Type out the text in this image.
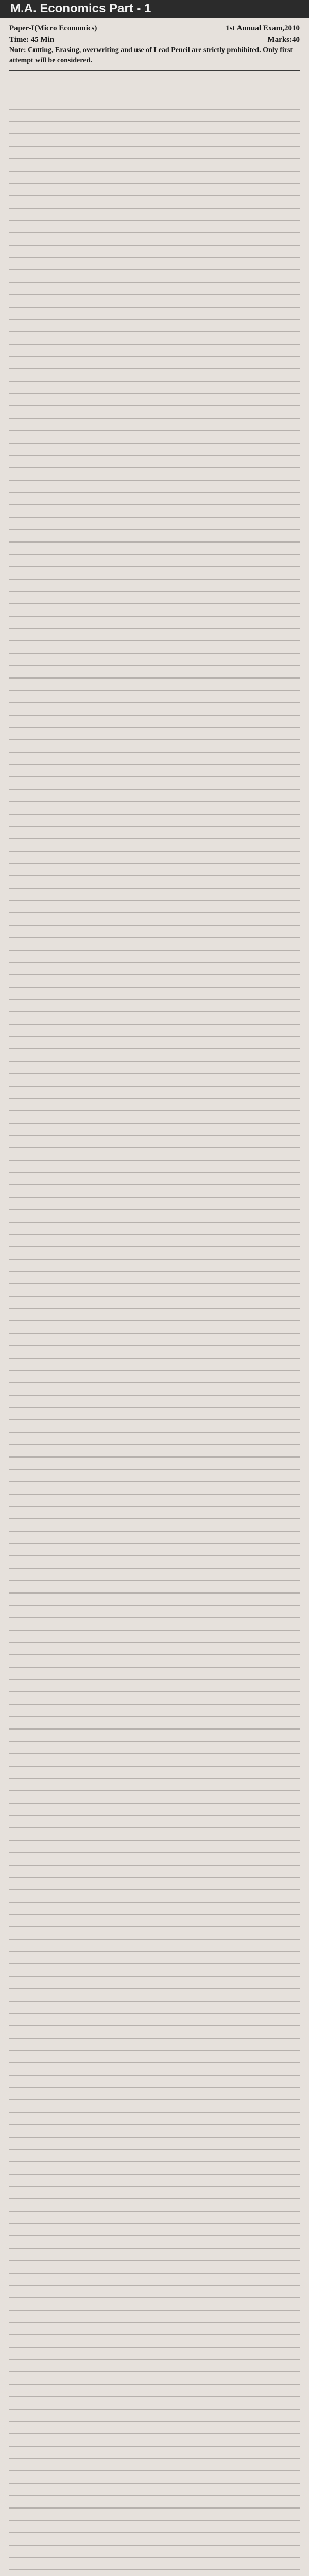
M.A. Economics Part - 1
Paper-I(Micro Economics)	1st Annual Exam,2010
Time: 45 Min	Marks:40
Note: Cutting, Erasing, overwriting and use of Lead Pencil are strictly prohibited. Only first attempt will be considered.
